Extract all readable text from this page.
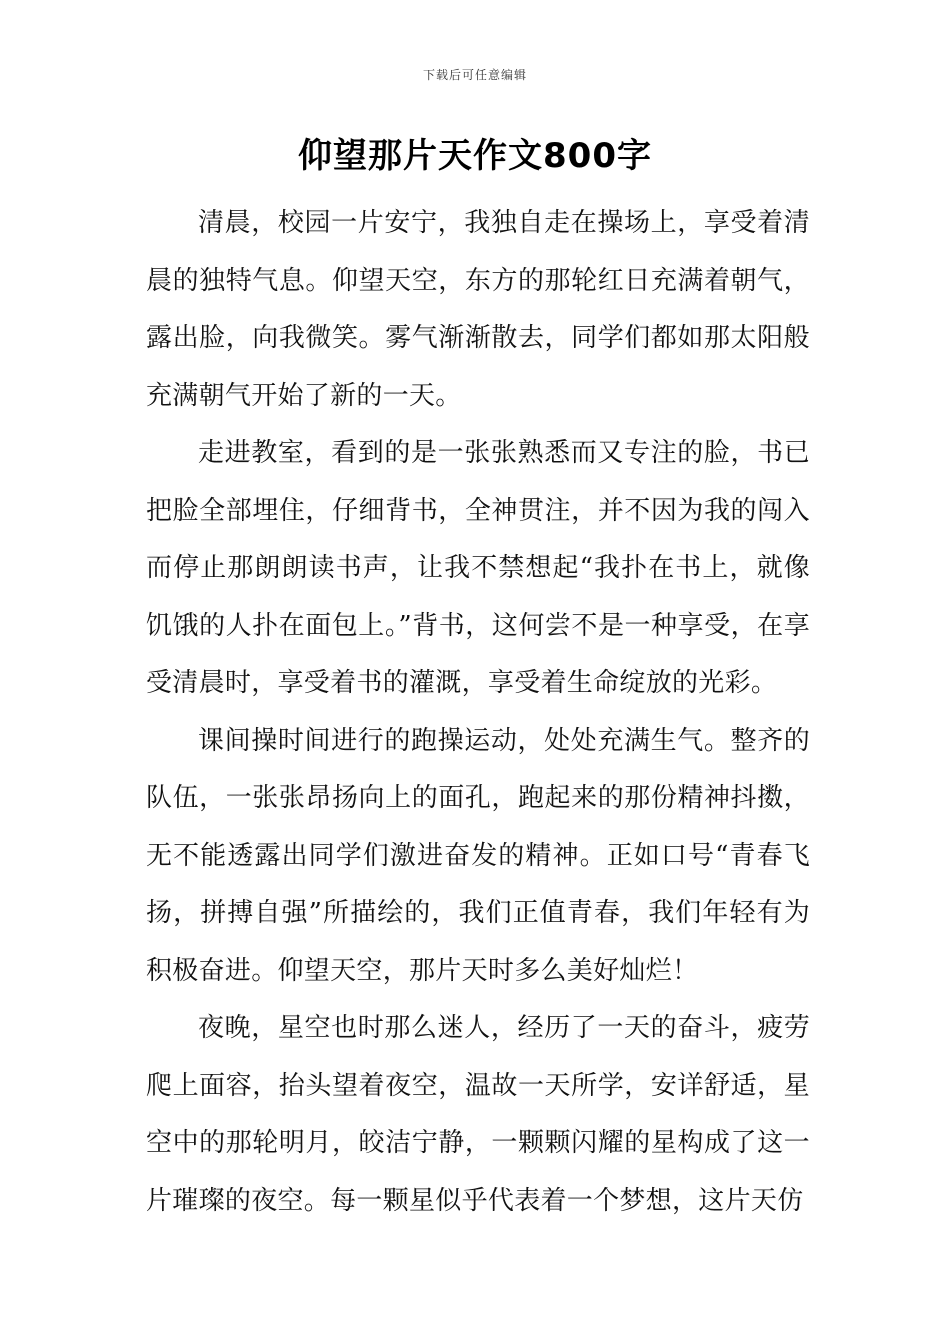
下载后可任意编辑
仰望那片天作文800字

清晨，校园一片安宁，我独自走在操场上，享受着清晨的独特气息。仰望天空，东方的那轮红日充满着朝气，露出脸，向我微笑。雾气渐渐散去，同学们都如那太阳般充满朝气开始了新的一天。

走进教室，看到的是一张张熟悉而又专注的脸，书已把脸全部埋住，仔细背书，全神贯注，并不因为我的闯入而停止那朗朗读书声，让我不禁想起“我扑在书上，就像饥饿的人扑在面包上。”背书，这何尝不是一种享受，在享受清晨时，享受着书的灌溉，享受着生命绽放的光彩。

课间操时间进行的跑操运动，处处充满生气。整齐的队伍，一张张昂扬向上的面孔，跑起来的那份精神抖擞，无不能透露出同学们激进奋发的精神。正如口号“青春飞扬，拼搏自强”所描绘的，我们正值青春，我们年轻有为积极奋进。仰望天空，那片天时多么美好灿烂！

夜晚，星空也时那么迷人，经历了一天的奋斗，疲劳爬上面容，抬头望着夜空，温故一天所学，安详舒适，星空中的那轮明月，皎洁宁静，一颗颗闪耀的星构成了这一片璀璨的夜空。每一颗星似乎代表着一个梦想，这片天仿
